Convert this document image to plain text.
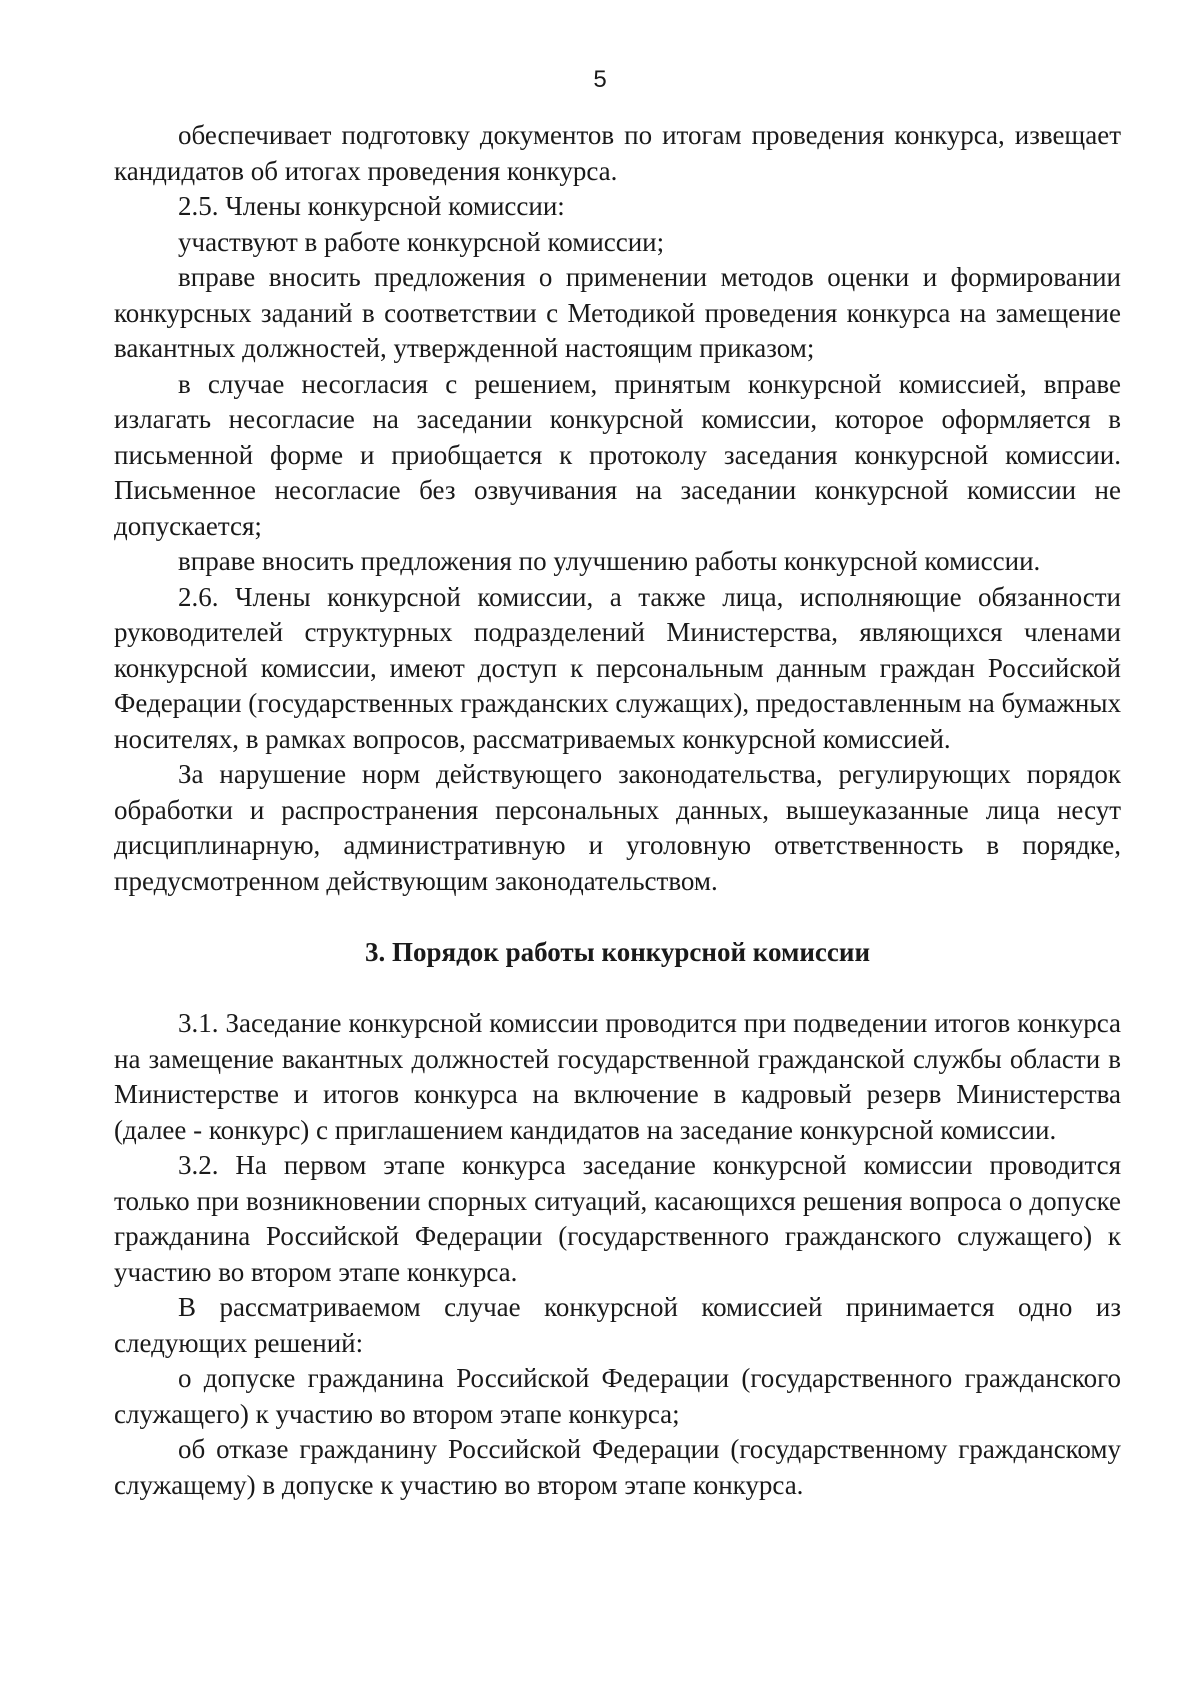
5

обеспечивает подготовку документов по итогам проведения конкурса, извещает кандидатов об итогах проведения конкурса.

2.5. Члены конкурсной комиссии:

участвуют в работе конкурсной комиссии;

вправе вносить предложения о применении методов оценки и формировании конкурсных заданий в соответствии с Методикой проведения конкурса на замещение вакантных должностей, утвержденной настоящим приказом;

в случае несогласия с решением, принятым конкурсной комиссией, вправе излагать несогласие на заседании конкурсной комиссии, которое оформляется в письменной форме и приобщается к протоколу заседания конкурсной комиссии. Письменное несогласие без озвучивания на заседании конкурсной комиссии не допускается;

вправе вносить предложения по улучшению работы конкурсной комиссии.

2.6. Члены конкурсной комиссии, а также лица, исполняющие обязанности руководителей структурных подразделений Министерства, являющихся членами конкурсной комиссии, имеют доступ к персональным данным граждан Российской Федерации (государственных гражданских служащих), предоставленным на бумажных носителях, в рамках вопросов, рассматриваемых конкурсной комиссией.

За нарушение норм действующего законодательства, регулирующих порядок обработки и распространения персональных данных, вышеуказанные лица несут дисциплинарную, административную и уголовную ответственность в порядке, предусмотренном действующим законодательством.

3. Порядок работы конкурсной комиссии

3.1. Заседание конкурсной комиссии проводится при подведении итогов конкурса на замещение вакантных должностей государственной гражданской службы области в Министерстве и итогов конкурса на включение в кадровый резерв Министерства (далее - конкурс) с приглашением кандидатов на заседание конкурсной комиссии.

3.2. На первом этапе конкурса заседание конкурсной комиссии проводится только при возникновении спорных ситуаций, касающихся решения вопроса о допуске гражданина Российской Федерации (государственного гражданского служащего) к участию во втором этапе конкурса.

В рассматриваемом случае конкурсной комиссией принимается одно из следующих решений:

о допуске гражданина Российской Федерации (государственного гражданского служащего) к участию во втором этапе конкурса;

об отказе гражданину Российской Федерации (государственному гражданскому служащему) в допуске к участию во втором этапе конкурса.
